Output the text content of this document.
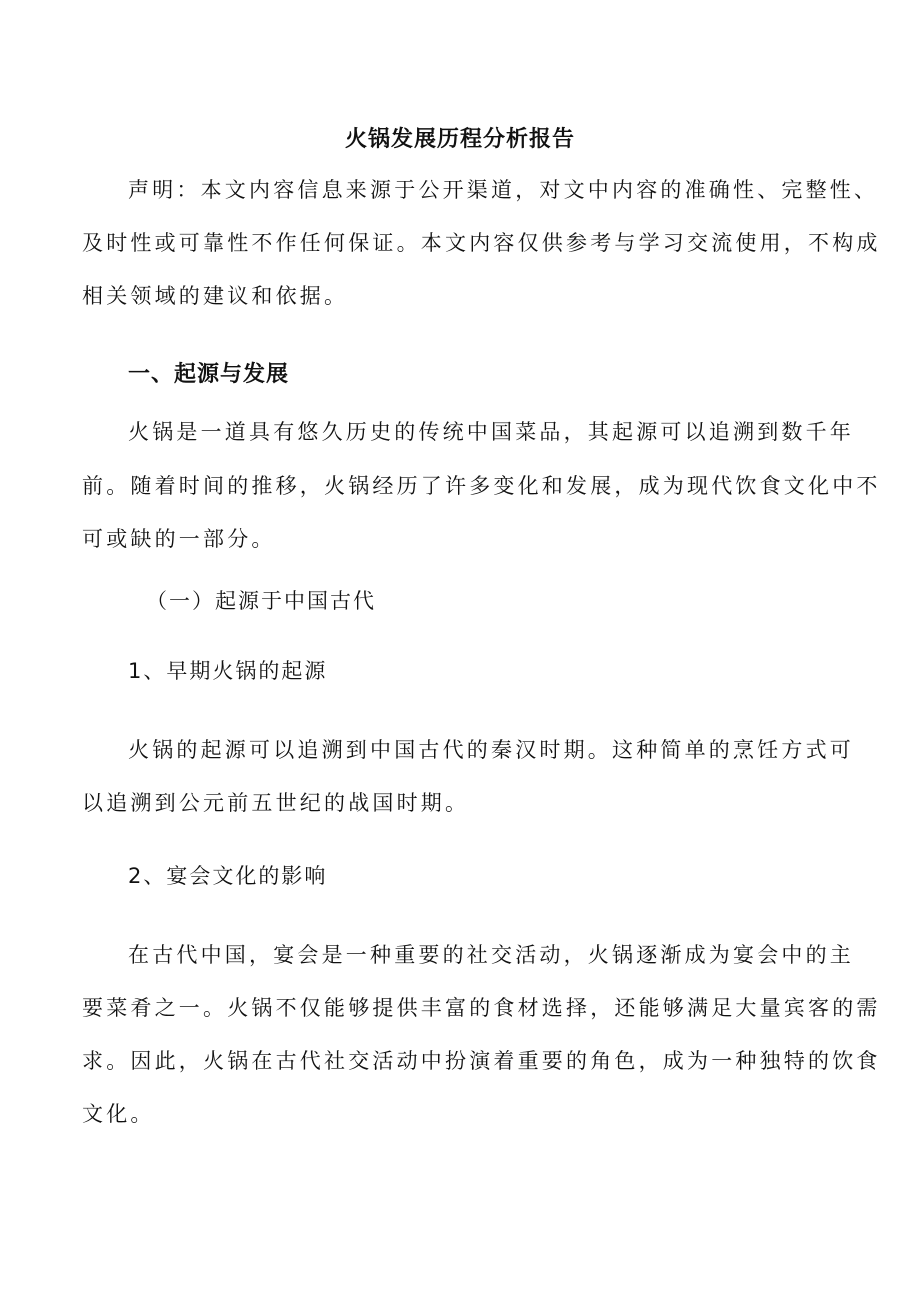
火锅发展历程分析报告
声明：本文内容信息来源于公开渠道，对文中内容的准确性、完整性、
及时性或可靠性不作任何保证。本文内容仅供参考与学习交流使用，不构成
相关领域的建议和依据。
一、起源与发展
火锅是一道具有悠久历史的传统中国菜品，其起源可以追溯到数千年
前。随着时间的推移，火锅经历了许多变化和发展，成为现代饮食文化中不
可或缺的一部分。
（一）起源于中国古代
1、早期火锅的起源
火锅的起源可以追溯到中国古代的秦汉时期。这种简单的烹饪方式可
以追溯到公元前五世纪的战国时期。
2、宴会文化的影响
在古代中国，宴会是一种重要的社交活动，火锅逐渐成为宴会中的主
要菜肴之一。火锅不仅能够提供丰富的食材选择，还能够满足大量宾客的需
求。因此，火锅在古代社交活动中扮演着重要的角色，成为一种独特的饮食
文化。
